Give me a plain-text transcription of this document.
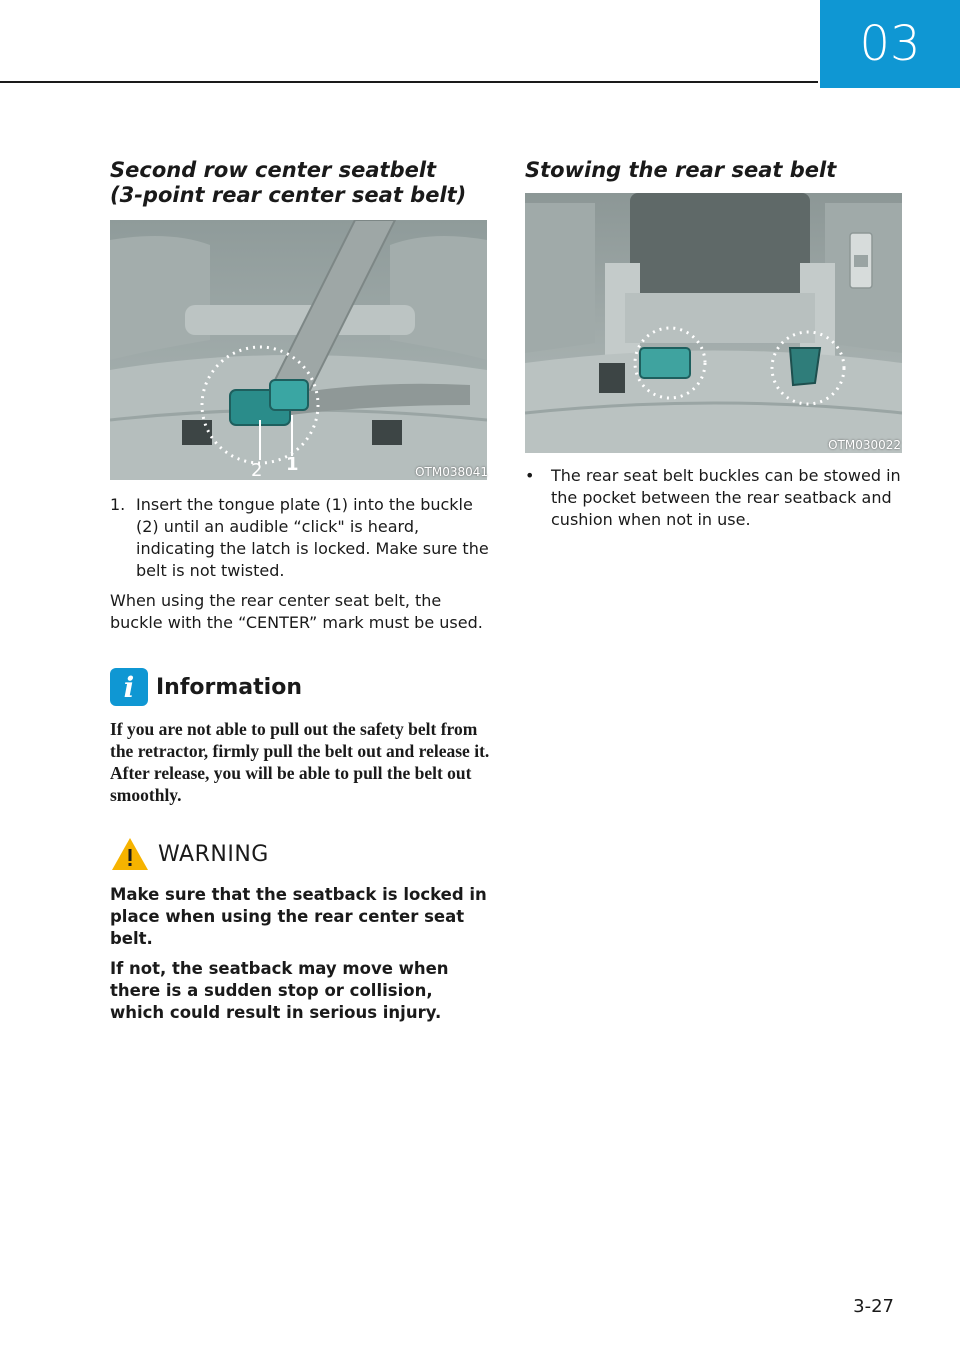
03
Second row center seatbelt
(3-point rear center seat belt)
2 1	OTM038041
1. Insert the tongue plate (1) into the buckle (2) until an audible “click" is heard, indicating the latch is locked. Make sure the belt is not twisted.

When using the rear center seat belt, the buckle with the “CENTER” mark must be used.

i Information

If you are not able to pull out the safety belt from the retractor, firmly pull the belt out and release it. After release, you will be able to pull the belt out smoothly.

WARNING

Make sure that the seatback is locked in place when using the rear center seat belt.

If not, the seatback may move when there is a sudden stop or collision, which could result in serious injury.

Stowing the rear seat belt
OTM030022
•	The rear seat belt buckles can be stowed in the pocket between the rear seatback and cushion when not in use.
3-27
